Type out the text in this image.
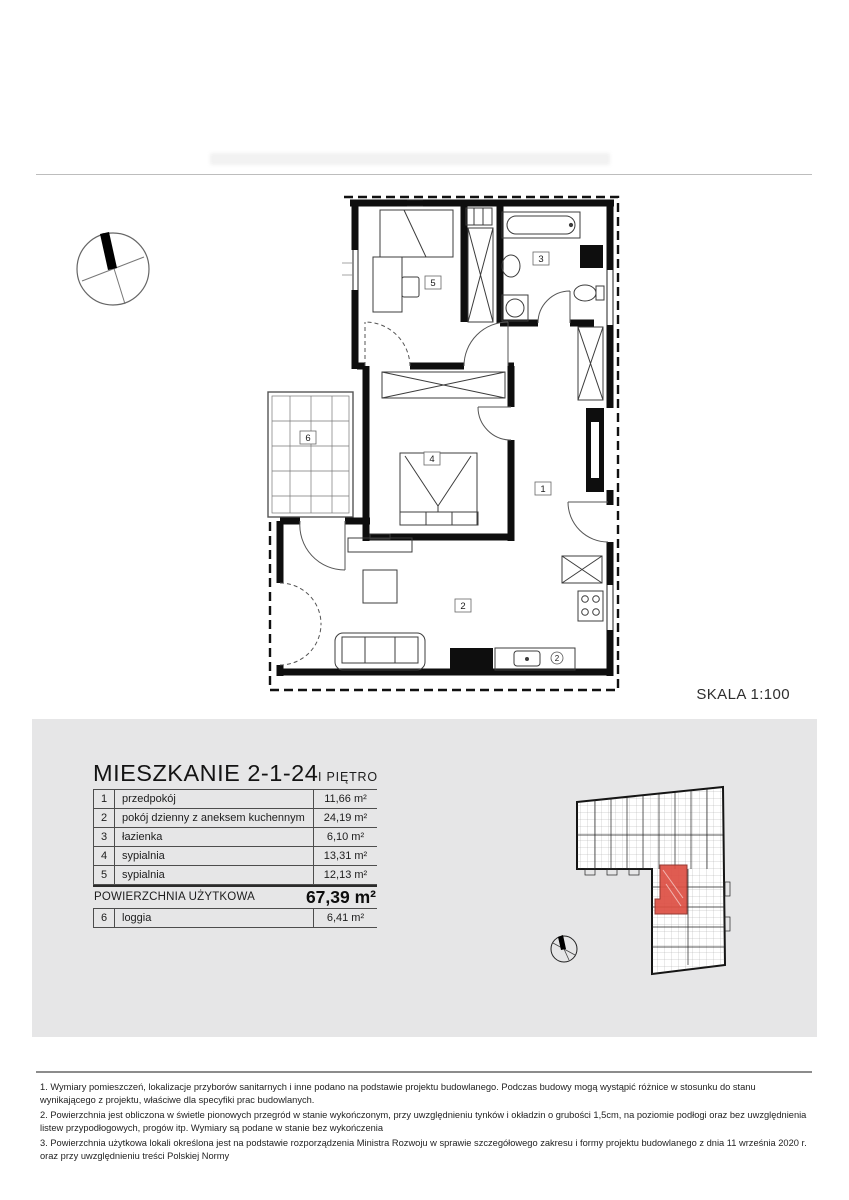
5
3
6
4
1
2
2
SKALA 1:100
MIESZKANIE 2-1-24 I PIĘTRO
1	przedpokój	11,66 m²
2	pokój dzienny z aneksem kuchennym	24,19 m²
3	łazienka	6,10 m²
4	sypialnia	13,31 m²
5	sypialnia	12,13 m²
POWIERZCHNIA UŻYTKOWA	67,39 m²
6	loggia	6,41 m²
1. Wymiary pomieszczeń, lokalizacje przyborów sanitarnych i inne podano na podstawie projektu budowlanego. Podczas budowy mogą wystąpić różnice w stosunku do stanu wynikającego z projektu, właściwe dla specyfiki prac budowlanych.
2. Powierzchnia jest obliczona w świetle pionowych przegród w stanie wykończonym, przy uwzględnieniu tynków i okładzin o grubości 1,5cm, na poziomie podłogi oraz bez uwzględnienia listew przypodłogowych, progów itp. Wymiary są podane w stanie bez wykończenia
3. Powierzchnia użytkowa lokali określona jest na podstawie rozporządzenia Ministra Rozwoju w sprawie szczegółowego zakresu i formy projektu budowlanego z dnia 11 września 2020 r. oraz przy uwzględnieniu treści Polskiej Normy
